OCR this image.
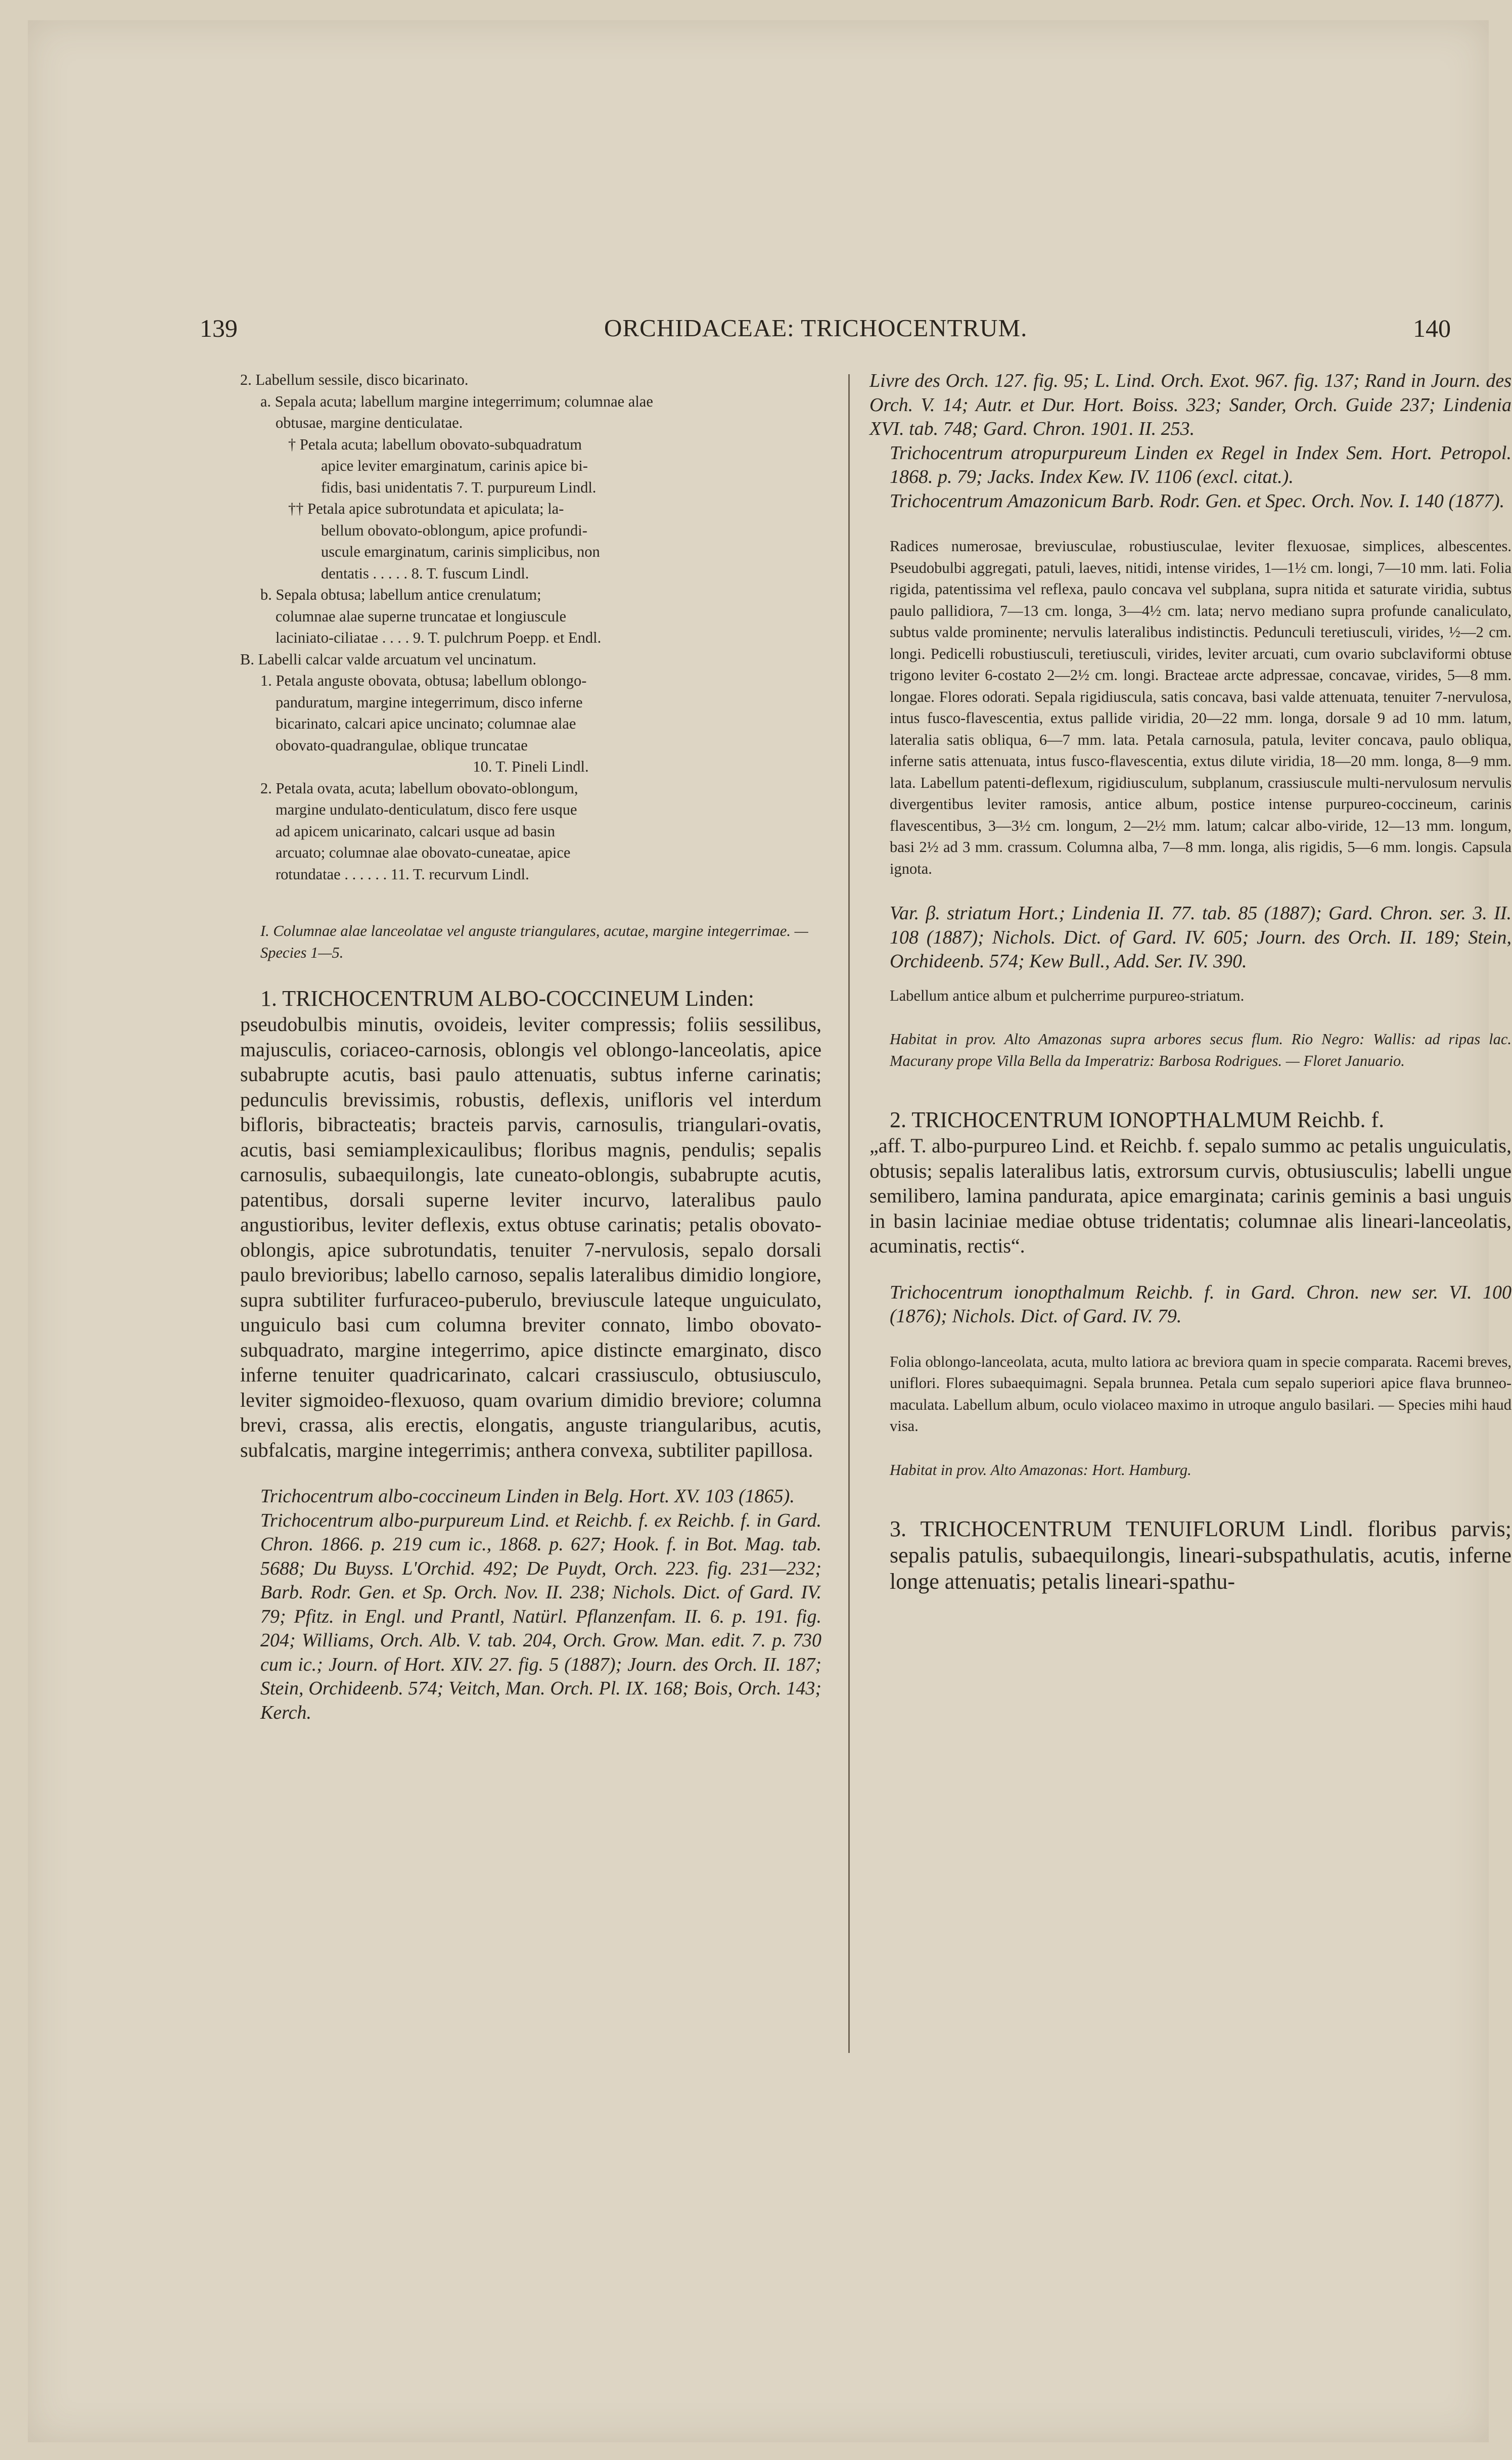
139	ORCHIDACEAE: TRICHOCENTRUM.	140

2. Labellum sessile, disco bicarinato.

a. Sepala acuta; labellum margine integerrimum; columnae alae

obtusae, margine denticulatae.

† Petala acuta; labellum obovato-subquadratum

apice leviter emarginatum, carinis apice bi-

fidis, basi unidentatis 7. T. purpureum Lindl.

†† Petala apice subrotundata et apiculata; la-

bellum obovato-oblongum, apice profundi-

uscule emarginatum, carinis simplicibus, non

dentatis . . . . . 8. T. fuscum Lindl.

b. Sepala obtusa; labellum antice crenulatum;

columnae alae superne truncatae et longiuscule

laciniato-ciliatae . . . . 9. T. pulchrum Poepp. et Endl.

B. Labelli calcar valde arcuatum vel uncinatum.

1. Petala anguste obovata, obtusa; labellum oblongo-

panduratum, margine integerrimum, disco inferne

bicarinato, calcari apice uncinato; columnae alae

obovato-quadrangulae, oblique truncatae

10. T. Pineli Lindl.

2. Petala ovata, acuta; labellum obovato-oblongum,

margine undulato-denticulatum, disco fere usque

ad apicem unicarinato, calcari usque ad basin

arcuato; columnae alae obovato-cuneatae, apice

rotundatae . . . . . . 11. T. recurvum Lindl.

I. Columnae alae lanceolatae vel anguste triangulares, acutae, margine integerrimae. — Species 1—5.

1. TRICHOCENTRUM ALBO-COCCINEUM Linden:

pseudobulbis minutis, ovoideis, leviter compressis; foliis sessilibus, majusculis, coriaceo-carnosis, oblongis vel oblongo-lanceolatis, apice subabrupte acutis, basi paulo attenuatis, subtus inferne carinatis; pedunculis brevissimis, robustis, deflexis, unifloris vel interdum bifloris, bibracteatis; bracteis parvis, carnosulis, triangulari-ovatis, acutis, basi semiamplexicaulibus; floribus magnis, pendulis; sepalis carnosulis, subaequilongis, late cuneato-oblongis, subabrupte acutis, patentibus, dorsali superne leviter incurvo, lateralibus paulo angustioribus, leviter deflexis, extus obtuse carinatis; petalis obovato-oblongis, apice subrotundatis, tenuiter 7-nervulosis, sepalo dorsali paulo brevioribus; labello carnoso, sepalis lateralibus dimidio longiore, supra subtiliter furfuraceo-puberulo, breviuscule lateque unguiculato, unguiculo basi cum columna breviter connato, limbo obovato-subquadrato, margine integerrimo, apice distincte emarginato, disco inferne tenuiter quadricarinato, calcari crassiusculo, obtusiusculo, leviter sigmoideo-flexuoso, quam ovarium dimidio breviore; columna brevi, crassa, alis erectis, elongatis, anguste triangularibus, acutis, subfalcatis, margine integerrimis; anthera convexa, subtiliter papillosa.

Trichocentrum albo-coccineum Linden in Belg. Hort. XV. 103 (1865).

Trichocentrum albo-purpureum Lind. et Reichb. f. ex Reichb. f. in Gard. Chron. 1866. p. 219 cum ic., 1868. p. 627; Hook. f. in Bot. Mag. tab. 5688; Du Buyss. L'Orchid. 492; De Puydt, Orch. 223. fig. 231—232; Barb. Rodr. Gen. et Sp. Orch. Nov. II. 238; Nichols. Dict. of Gard. IV. 79; Pfitz. in Engl. und Prantl, Natürl. Pflanzenfam. II. 6. p. 191. fig. 204; Williams, Orch. Alb. V. tab. 204, Orch. Grow. Man. edit. 7. p. 730 cum ic.; Journ. of Hort. XIV. 27. fig. 5 (1887); Journ. des Orch. II. 187; Stein, Orchideenb. 574; Veitch, Man. Orch. Pl. IX. 168; Bois, Orch. 143; Kerch.

Livre des Orch. 127. fig. 95; L. Lind. Orch. Exot. 967. fig. 137; Rand in Journ. des Orch. V. 14; Autr. et Dur. Hort. Boiss. 323; Sander, Orch. Guide 237; Lindenia XVI. tab. 748; Gard. Chron. 1901. II. 253.

Trichocentrum atropurpureum Linden ex Regel in Index Sem. Hort. Petropol. 1868. p. 79; Jacks. Index Kew. IV. 1106 (excl. citat.).

Trichocentrum Amazonicum Barb. Rodr. Gen. et Spec. Orch. Nov. I. 140 (1877).

Radices numerosae, breviusculae, robustiusculae, leviter flexuosae, simplices, albescentes. Pseudobulbi aggregati, patuli, laeves, nitidi, intense virides, 1—1½ cm. longi, 7—10 mm. lati. Folia rigida, patentissima vel reflexa, paulo concava vel subplana, supra nitida et saturate viridia, subtus paulo pallidiora, 7—13 cm. longa, 3—4½ cm. lata; nervo mediano supra profunde canaliculato, subtus valde prominente; nervulis lateralibus indistinctis. Pedunculi teretiusculi, virides, ½—2 cm. longi. Pedicelli robustiusculi, teretiusculi, virides, leviter arcuati, cum ovario subclaviformi obtuse trigono leviter 6-costato 2—2½ cm. longi. Bracteae arcte adpressae, concavae, virides, 5—8 mm. longae. Flores odorati. Sepala rigidiuscula, satis concava, basi valde attenuata, tenuiter 7-nervulosa, intus fusco-flavescentia, extus pallide viridia, 20—22 mm. longa, dorsale 9 ad 10 mm. latum, lateralia satis obliqua, 6—7 mm. lata. Petala carnosula, patula, leviter concava, paulo obliqua, inferne satis attenuata, intus fusco-flavescentia, extus dilute viridia, 18—20 mm. longa, 8—9 mm. lata. Labellum patenti-deflexum, rigidiusculum, subplanum, crassiuscule multi-nervulosum nervulis divergentibus leviter ramosis, antice album, postice intense purpureo-coccineum, carinis flavescentibus, 3—3½ cm. longum, 2—2½ mm. latum; calcar albo-viride, 12—13 mm. longum, basi 2½ ad 3 mm. crassum. Columna alba, 7—8 mm. longa, alis rigidis, 5—6 mm. longis. Capsula ignota.

Var. β. striatum Hort.; Lindenia II. 77. tab. 85 (1887); Gard. Chron. ser. 3. II. 108 (1887); Nichols. Dict. of Gard. IV. 605; Journ. des Orch. II. 189; Stein, Orchideenb. 574; Kew Bull., Add. Ser. IV. 390.

Labellum antice album et pulcherrime purpureo-striatum.

Habitat in prov. Alto Amazonas supra arbores secus flum. Rio Negro: Wallis: ad ripas lac. Macurany prope Villa Bella da Imperatriz: Barbosa Rodrigues. — Floret Januario.

2. TRICHOCENTRUM IONOPTHALMUM Reichb. f.

„aff. T. albo-purpureo Lind. et Reichb. f. sepalo summo ac petalis unguiculatis, obtusis; sepalis lateralibus latis, extrorsum curvis, obtusiusculis; labelli ungue semilibero, lamina pandurata, apice emarginata; carinis geminis a basi unguis in basin laciniae mediae obtuse tridentatis; columnae alis lineari-lanceolatis, acuminatis, rectis“.

Trichocentrum ionopthalmum Reichb. f. in Gard. Chron. new ser. VI. 100 (1876); Nichols. Dict. of Gard. IV. 79.

Folia oblongo-lanceolata, acuta, multo latiora ac breviora quam in specie comparata. Racemi breves, uniflori. Flores subaequimagni. Sepala brunnea. Petala cum sepalo superiori apice flava brunneo-maculata. Labellum album, oculo violaceo maximo in utroque angulo basilari. — Species mihi haud visa.

Habitat in prov. Alto Amazonas: Hort. Hamburg.

3. TRICHOCENTRUM TENUIFLORUM Lindl. floribus parvis; sepalis patulis, subaequilongis, lineari-subspathulatis, acutis, inferne longe attenuatis; petalis lineari-spathu-
